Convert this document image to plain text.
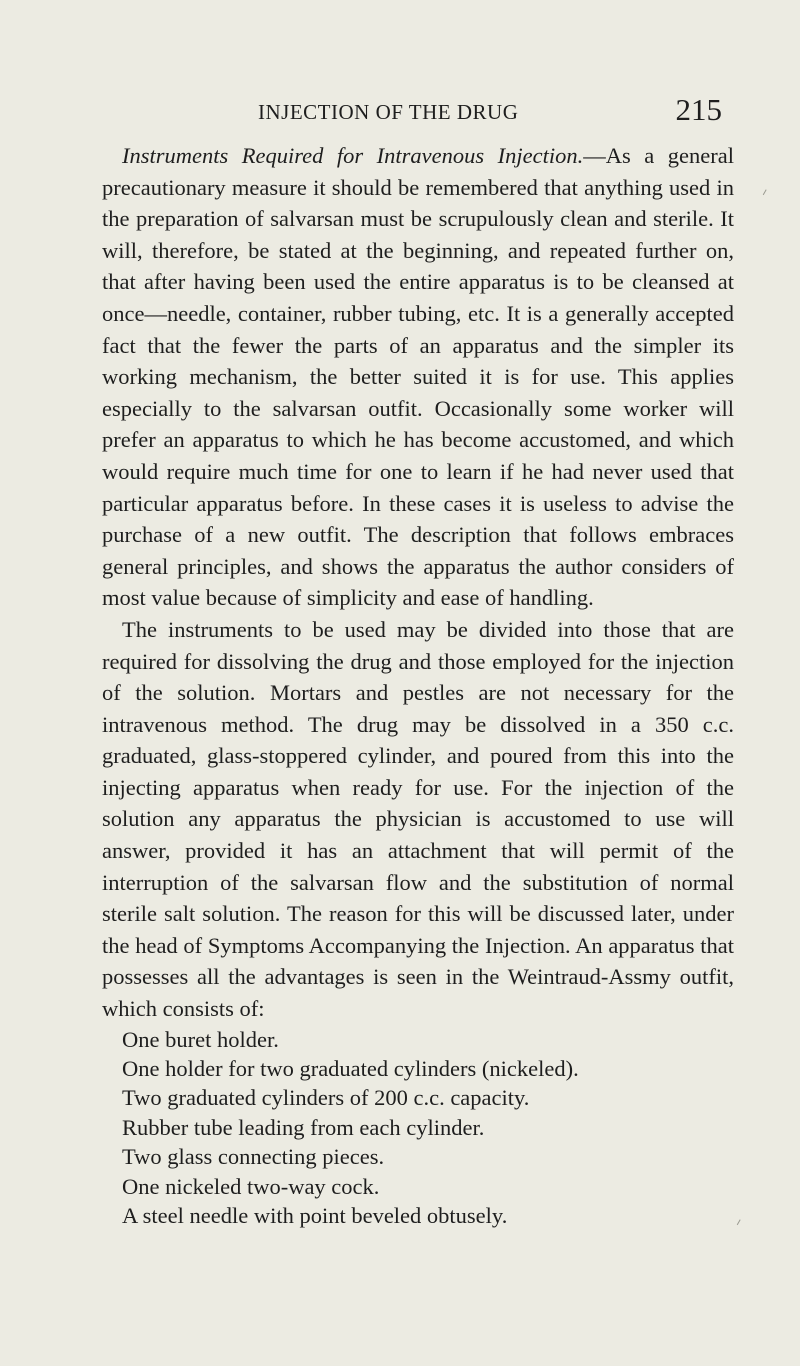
INJECTION OF THE DRUG	215

Instruments Required for Intravenous Injection.—As a general precautionary measure it should be remembered that anything used in the preparation of salvarsan must be scrupulously clean and sterile. It will, therefore, be stated at the beginning, and repeated further on, that after having been used the entire apparatus is to be cleansed at once—needle, container, rubber tubing, etc. It is a generally accepted fact that the fewer the parts of an apparatus and the simpler its working mechanism, the better suited it is for use. This applies especially to the salvarsan outfit. Occasionally some worker will prefer an apparatus to which he has become accustomed, and which would require much time for one to learn if he had never used that particular apparatus before. In these cases it is useless to advise the purchase of a new outfit. The description that follows embraces general principles, and shows the apparatus the author considers of most value because of simplicity and ease of handling.

The instruments to be used may be divided into those that are required for dissolving the drug and those employed for the injection of the solution. Mortars and pestles are not necessary for the intravenous method. The drug may be dissolved in a 350 c.c. graduated, glass-stoppered cylinder, and poured from this into the injecting apparatus when ready for use. For the injection of the solution any apparatus the physician is accustomed to use will answer, provided it has an attachment that will permit of the interruption of the salvarsan flow and the substitution of normal sterile salt solution. The reason for this will be discussed later, under the head of Symptoms Accompanying the Injection. An apparatus that possesses all the advantages is seen in the Weintraud-Assmy outfit, which consists of:

One buret holder.
One holder for two graduated cylinders (nickeled).
Two graduated cylinders of 200 c.c. capacity.
Rubber tube leading from each cylinder.
Two glass connecting pieces.
One nickeled two-way cock.
A steel needle with point beveled obtusely.
